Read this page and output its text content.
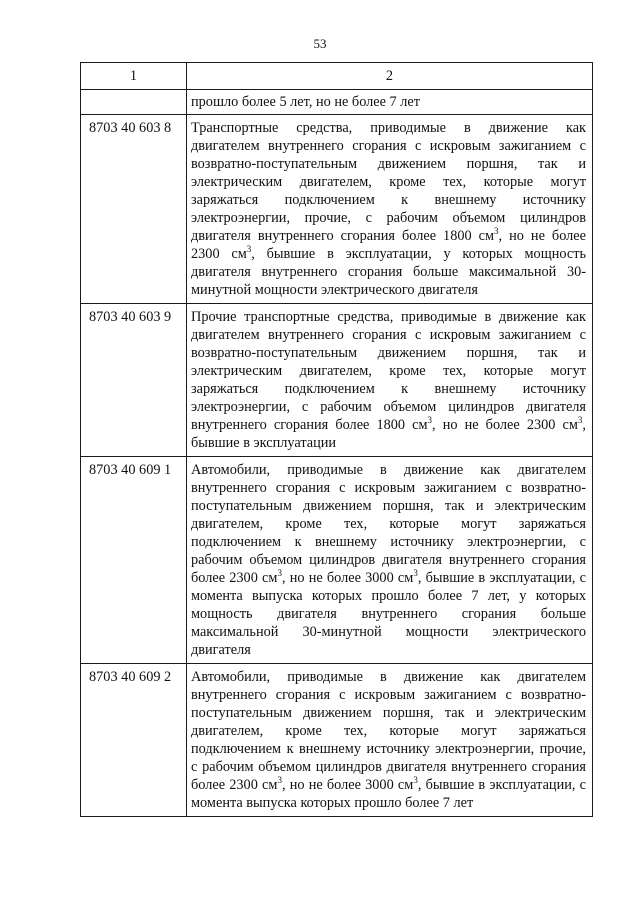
53
1	2
	прошло более 5 лет, но не более 7 лет
8703 40 603 8	Транспортные средства, приводимые в движение как двигателем внутреннего сгорания с искровым зажиганием с возвратно-поступательным движением поршня, так и электрическим двигателем, кроме тех, которые могут заряжаться подключением к внешнему источнику электроэнергии, прочие, с рабочим объемом цилиндров двигателя внутреннего сгорания более 1800 $см^3$, но не более 2300 $см^3$, бывшие в эксплуатации, у которых мощность двигателя внутреннего сгорания больше максимальной 30-минутной мощности электрического двигателя
8703 40 603 9	Прочие транспортные средства, приводимые в движение как двигателем внутреннего сгорания с искровым зажиганием с возвратно-поступательным движением поршня, так и электрическим двигателем, кроме тех, которые могут заряжаться подключением к внешнему источнику электроэнергии, с рабочим объемом цилиндров двигателя внутреннего сгорания более 1800 $см^3$, но не более 2300 $см^3$, бывшие в эксплуатации
8703 40 609 1	Автомобили, приводимые в движение как двигателем внутреннего сгорания с искровым зажиганием с возвратно-поступательным движением поршня, так и электрическим двигателем, кроме тех, которые могут заряжаться подключением к внешнему источнику электроэнергии, с рабочим объемом цилиндров двигателя внутреннего сгорания более 2300 $см^3$, но не более 3000 $см^3$, бывшие в эксплуатации, с момента выпуска которых прошло более 7 лет, у которых мощность двигателя внутреннего сгорания больше максимальной 30-минутной мощности электрического двигателя
8703 40 609 2	Автомобили, приводимые в движение как двигателем внутреннего сгорания с искровым зажиганием с возвратно-поступательным движением поршня, так и электрическим двигателем, кроме тех, которые могут заряжаться подключением к внешнему источнику электроэнергии, прочие, с рабочим объемом цилиндров двигателя внутреннего сгорания более 2300 $см^3$, но не более 3000 $см^3$, бывшие в эксплуатации, с момента выпуска которых прошло более 7 лет
